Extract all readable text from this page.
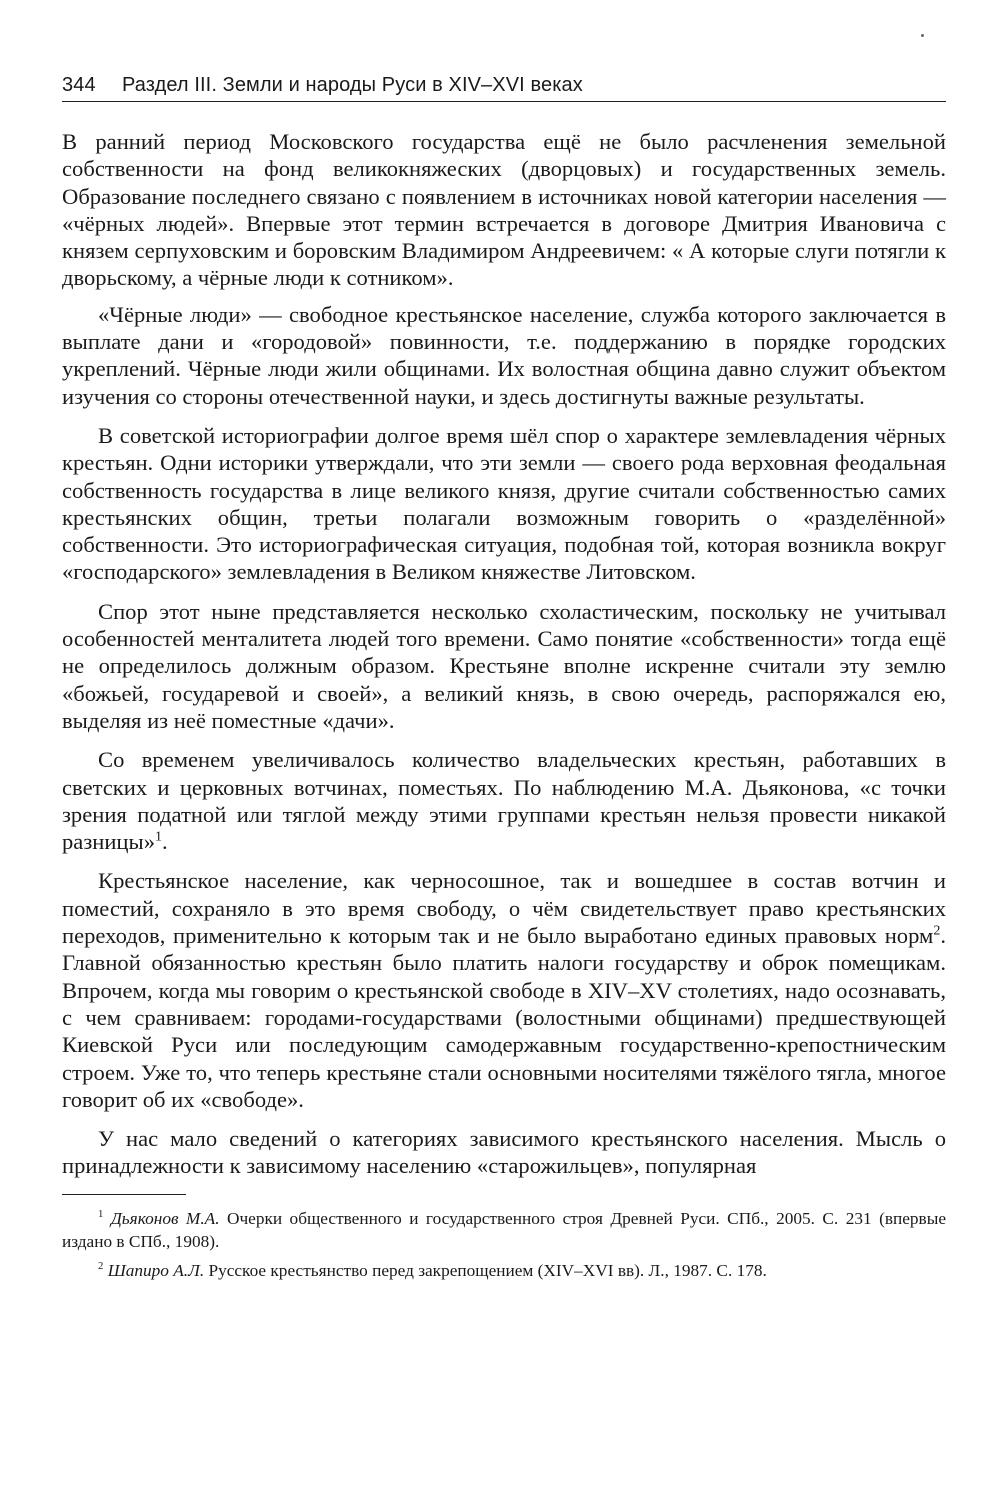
344	Раздел III. Земли и народы Руси в XIV–XVI веках

В ранний период Московского государства ещё не было расчленения земельной собственности на фонд великокняжеских (дворцовых) и государственных земель. Образование последнего связано с появлением в источниках новой категории населения — «чёрных людей». Впервые этот термин встречается в договоре Дмитрия Ивановича с князем серпуховским и боровским Владимиром Андреевичем: « А которые слуги потягли к дворьскому, а чёрные люди к сотником».

«Чёрные люди» — свободное крестьянское население, служба которого заключается в выплате дани и «городовой» повинности, т.е. поддержанию в порядке городских укреплений. Чёрные люди жили общинами. Их волостная община давно служит объектом изучения со стороны отечественной науки, и здесь достигнуты важные результаты.

В советской историографии долгое время шёл спор о характере землевладения чёрных крестьян. Одни историки утверждали, что эти земли — своего рода верховная феодальная собственность государства в лице великого князя, другие считали собственностью самих крестьянских общин, третьи полагали возможным говорить о «разделённой» собственности. Это историографическая ситуация, подобная той, которая возникла вокруг «господарского» землевладения в Великом княжестве Литовском.

Спор этот ныне представляется несколько схоластическим, поскольку не учитывал особенностей менталитета людей того времени. Само понятие «собственности» тогда ещё не определилось должным образом. Крестьяне вполне искренне считали эту землю «божьей, государевой и своей», а великий князь, в свою очередь, распоряжался ею, выделяя из неё поместные «дачи».

Со временем увеличивалось количество владельческих крестьян, работавших в светских и церковных вотчинах, поместьях. По наблюдению М.А. Дьяконова, «с точки зрения податной или тяглой между этими группами крестьян нельзя провести никакой разницы»$^1$.

Крестьянское население, как черносошное, так и вошедшее в состав вотчин и поместий, сохраняло в это время свободу, о чём свидетельствует право крестьянских переходов, применительно к которым так и не было выработано единых правовых норм$^2$. Главной обязанностью крестьян было платить налоги государству и оброк помещикам. Впрочем, когда мы говорим о крестьянской свободе в XIV–XV столетиях, надо осознавать, с чем сравниваем: городами-государствами (волостными общинами) предшествующей Киевской Руси или последующим самодержавным государственно-крепостническим строем. Уже то, что теперь крестьяне стали основными носителями тяжёлого тягла, многое говорит об их «свободе».

У нас мало сведений о категориях зависимого крестьянского населения. Мысль о принадлежности к зависимому населению «старожильцев», популярная

$^1$ Дьяконов М.А. Очерки общественного и государственного строя Древней Руси. СПб., 2005. С. 231 (впервые издано в СПб., 1908).

$^2$ Шапиро А.Л. Русское крестьянство перед закрепощением (XIV–XVI вв). Л., 1987. С. 178.
